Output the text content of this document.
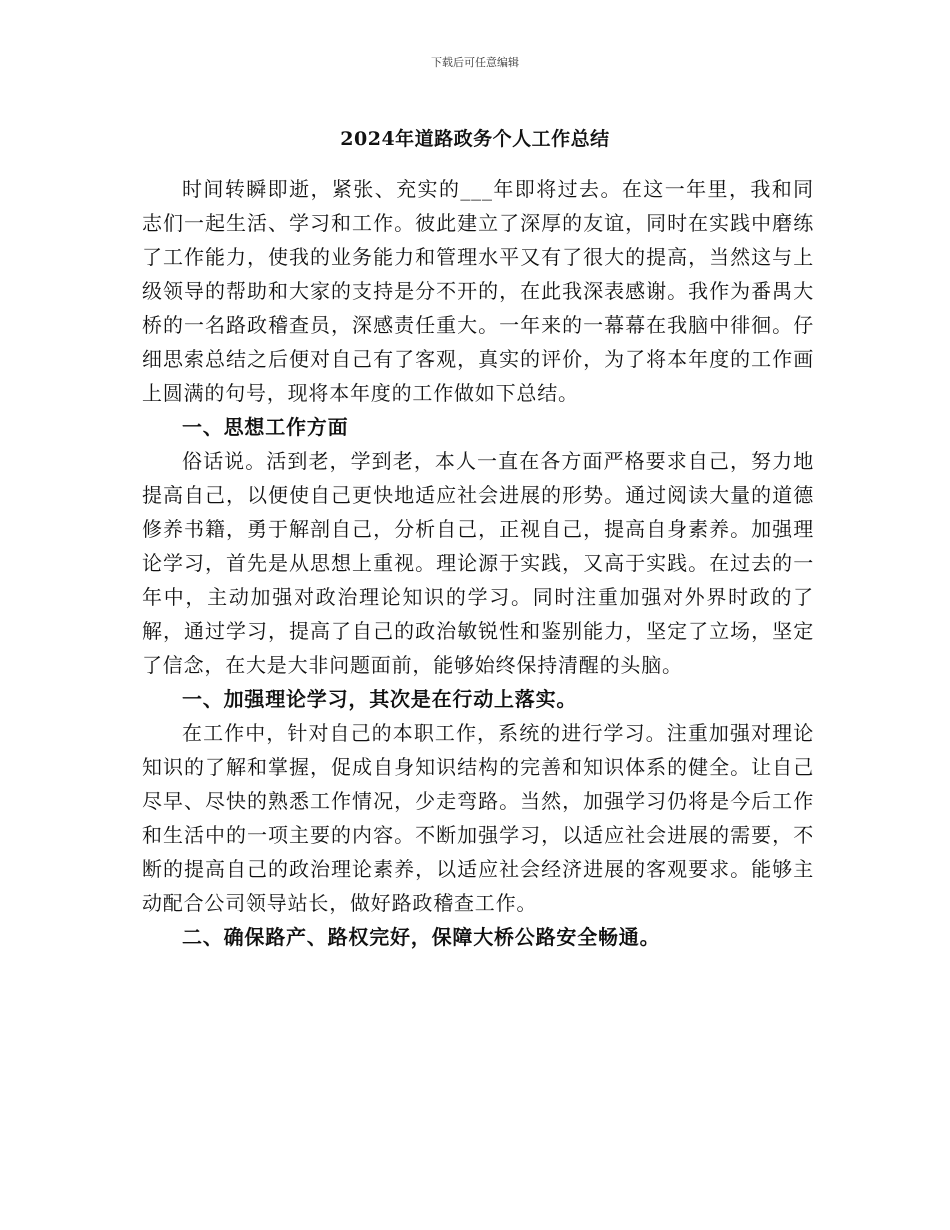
下载后可任意编辑
2024年道路政务个人工作总结

时间转瞬即逝，紧张、充实的___年即将过去。在这一年里，我和同志们一起生活、学习和工作。彼此建立了深厚的友谊，同时在实践中磨练了工作能力，使我的业务能力和管理水平又有了很大的提高，当然这与上级领导的帮助和大家的支持是分不开的，在此我深表感谢。我作为番禺大桥的一名路政稽查员，深感责任重大。一年来的一幕幕在我脑中徘徊。仔细思索总结之后便对自己有了客观，真实的评价，为了将本年度的工作画上圆满的句号，现将本年度的工作做如下总结。

一、思想工作方面

俗话说。活到老，学到老，本人一直在各方面严格要求自己，努力地提高自己，以便使自己更快地适应社会进展的形势。通过阅读大量的道德修养书籍，勇于解剖自己，分析自己，正视自己，提高自身素养。加强理论学习，首先是从思想上重视。理论源于实践，又高于实践。在过去的一年中，主动加强对政治理论知识的学习。同时注重加强对外界时政的了解，通过学习，提高了自己的政治敏锐性和鉴别能力，坚定了立场，坚定了信念，在大是大非问题面前，能够始终保持清醒的头脑。

一、加强理论学习，其次是在行动上落实。

在工作中，针对自己的本职工作，系统的进行学习。注重加强对理论知识的了解和掌握，促成自身知识结构的完善和知识体系的健全。让自己尽早、尽快的熟悉工作情况，少走弯路。当然，加强学习仍将是今后工作和生活中的一项主要的内容。不断加强学习，以适应社会进展的需要，不断的提高自己的政治理论素养，以适应社会经济进展的客观要求。能够主动配合公司领导站长，做好路政稽查工作。

二、确保路产、路权完好，保障大桥公路安全畅通。
